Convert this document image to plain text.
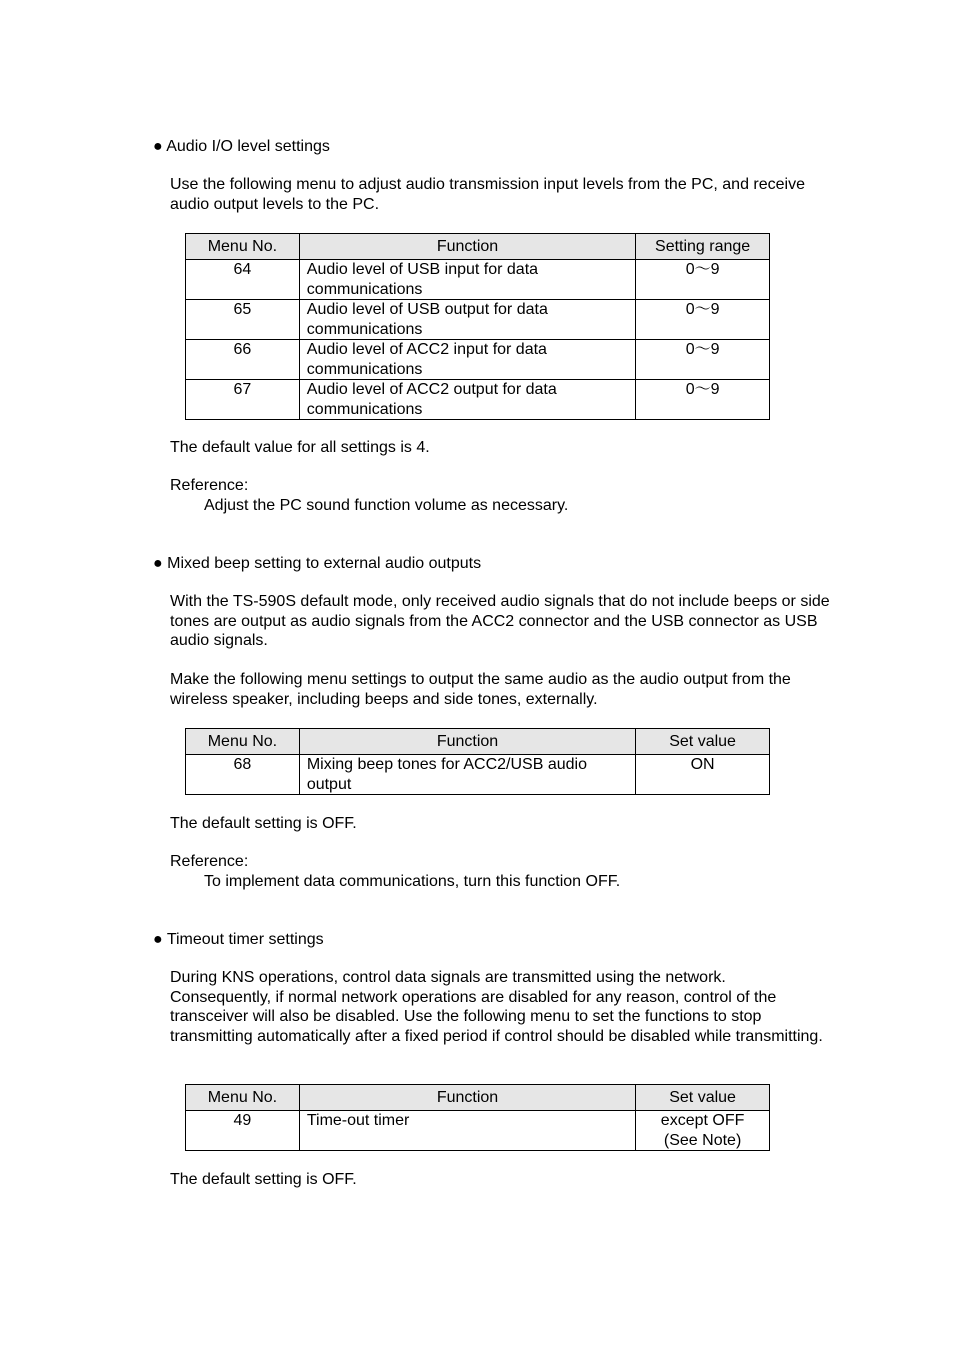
● Audio I/O level settings
Use the following menu to adjust audio transmission input levels from the PC, and receive audio output levels to the PC.
Menu No.	Function	Setting range
64	Audio level of USB input for data communications	0～9
65	Audio level of USB output for data communications	0～9
66	Audio level of ACC2 input for data communications	0～9
67	Audio level of ACC2 output for data communications	0～9
The default value for all settings is 4.
Reference:
Adjust the PC sound function volume as necessary.
● Mixed beep setting to external audio outputs
With the TS-590S default mode, only received audio signals that do not include beeps or side tones are output as audio signals from the ACC2 connector and the USB connector as USB audio signals.
Make the following menu settings to output the same audio as the audio output from the wireless speaker, including beeps and side tones, externally.
Menu No.	Function	Set value
68	Mixing beep tones for ACC2/USB audio output	ON
The default setting is OFF.
Reference:
To implement data communications, turn this function OFF.
● Timeout timer settings
During KNS operations, control data signals are transmitted using the network. Consequently, if normal network operations are disabled for any reason, control of the transceiver will also be disabled. Use the following menu to set the functions to stop transmitting automatically after a fixed period if control should be disabled while transmitting.
Menu No.	Function	Set value
49	Time-out timer	except OFF
(See Note)
The default setting is OFF.
